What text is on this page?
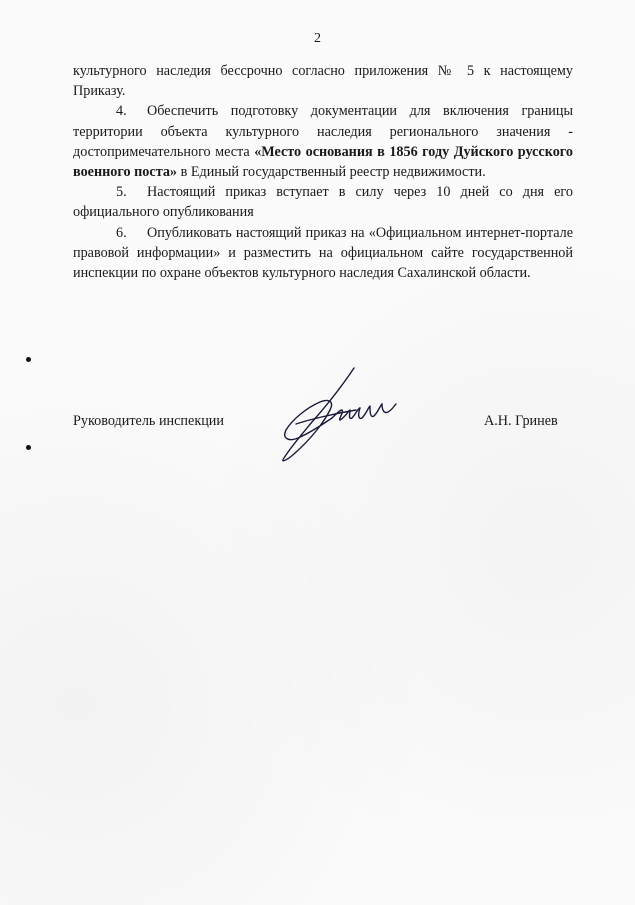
2

культурного наследия бессрочно согласно приложения № 5 к настоящему Приказу.

4. Обеспечить подготовку документации для включения границы территории объекта культурного наследия регионального значения - достопримечательного места «Место основания в 1856 году Дуйского русского военного поста» в Единый государственный реестр недвижимости.

5. Настоящий приказ вступает в силу через 10 дней со дня его официального опубликования

6. Опубликовать настоящий приказ на «Официальном интернет-портале правовой информации» и разместить на официальном сайте государственной инспекции по охране объектов культурного наследия Сахалинской области.

Руководитель инспекции	А.Н. Гринев
